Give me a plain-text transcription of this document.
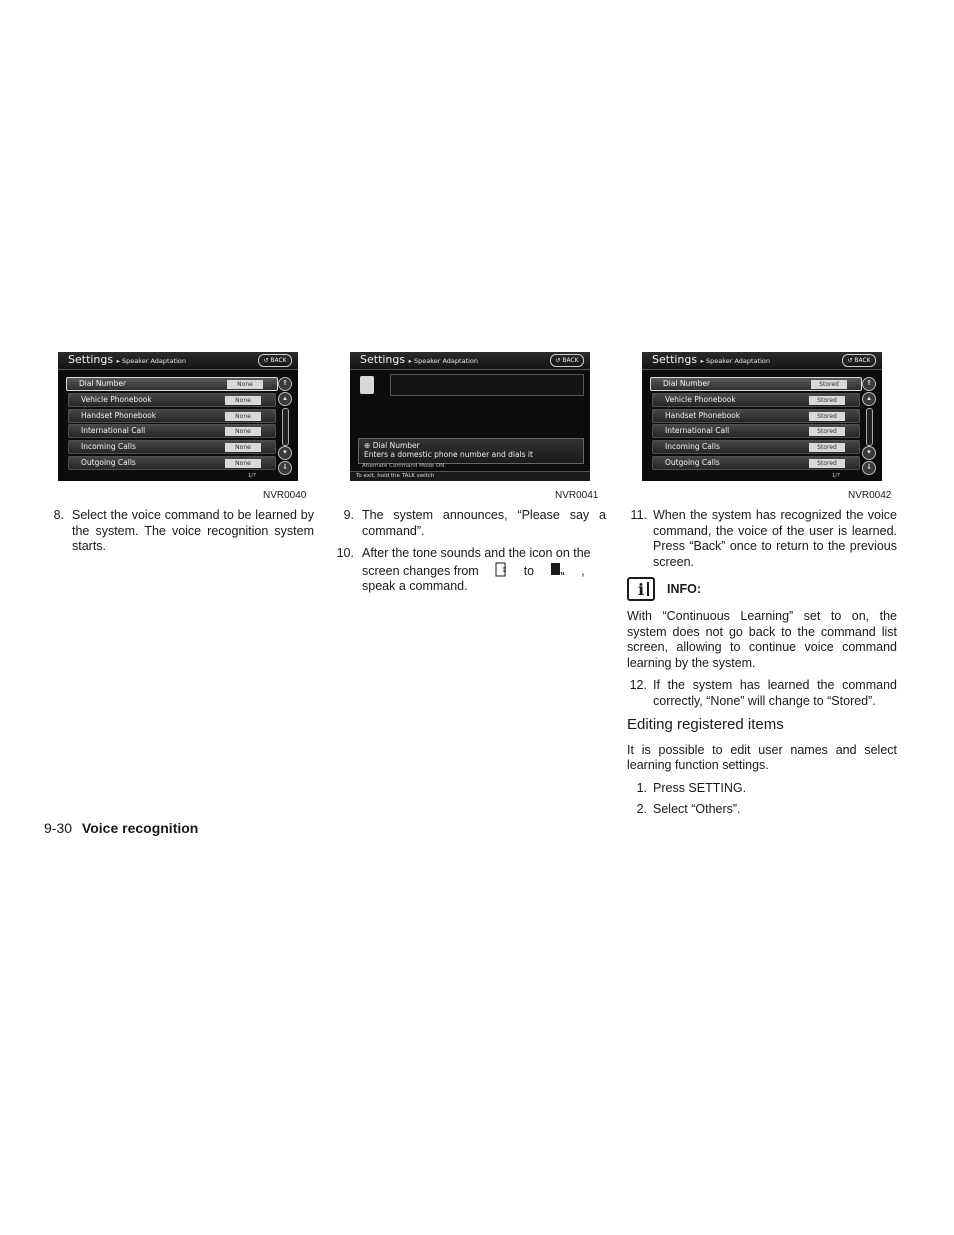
Settings ▸ Speaker Adaptation	↺ BACK
Dial Number	None
Vehicle Phonebook	None
Handset Phonebook	None
International Call	None
Incoming Calls	None
Outgoing Calls	None
⇑
▴
▾
⇓
1/7
NVR0040
Settings ▸ Speaker Adaptation	↺ BACK
⊕ Dial Number
Enters a domestic phone number and dials it
Alternate Command Mode ON
To exit, hold the TALK switch
NVR0041
Settings ▸ Speaker Adaptation	↺ BACK
Dial Number	Stored
Vehicle Phonebook	Stored
Handset Phonebook	Stored
International Call	Stored
Incoming Calls	Stored
Outgoing Calls	Stored
⇑
▴
▾
⇓
1/7
NVR0042
8. Select the voice command to be learned by the system. The voice recognition system starts.
9. The system announces, “Please say a command”.
10. After the tone sounds and the icon on the screen changes from	to	, speak a command.
11. When the system has recognized the voice command, the voice of the user is learned. Press “Back” once to return to the previous screen.
i INFO:
With “Continuous Learning” set to on, the system does not go back to the command list screen, allowing to continue voice command learning by the system.
12. If the system has learned the command correctly, “None” will change to “Stored”.
Editing registered items
It is possible to edit user names and select learning function settings.
1. Press SETTING.
2. Select “Others”.
9-30 Voice recognition
